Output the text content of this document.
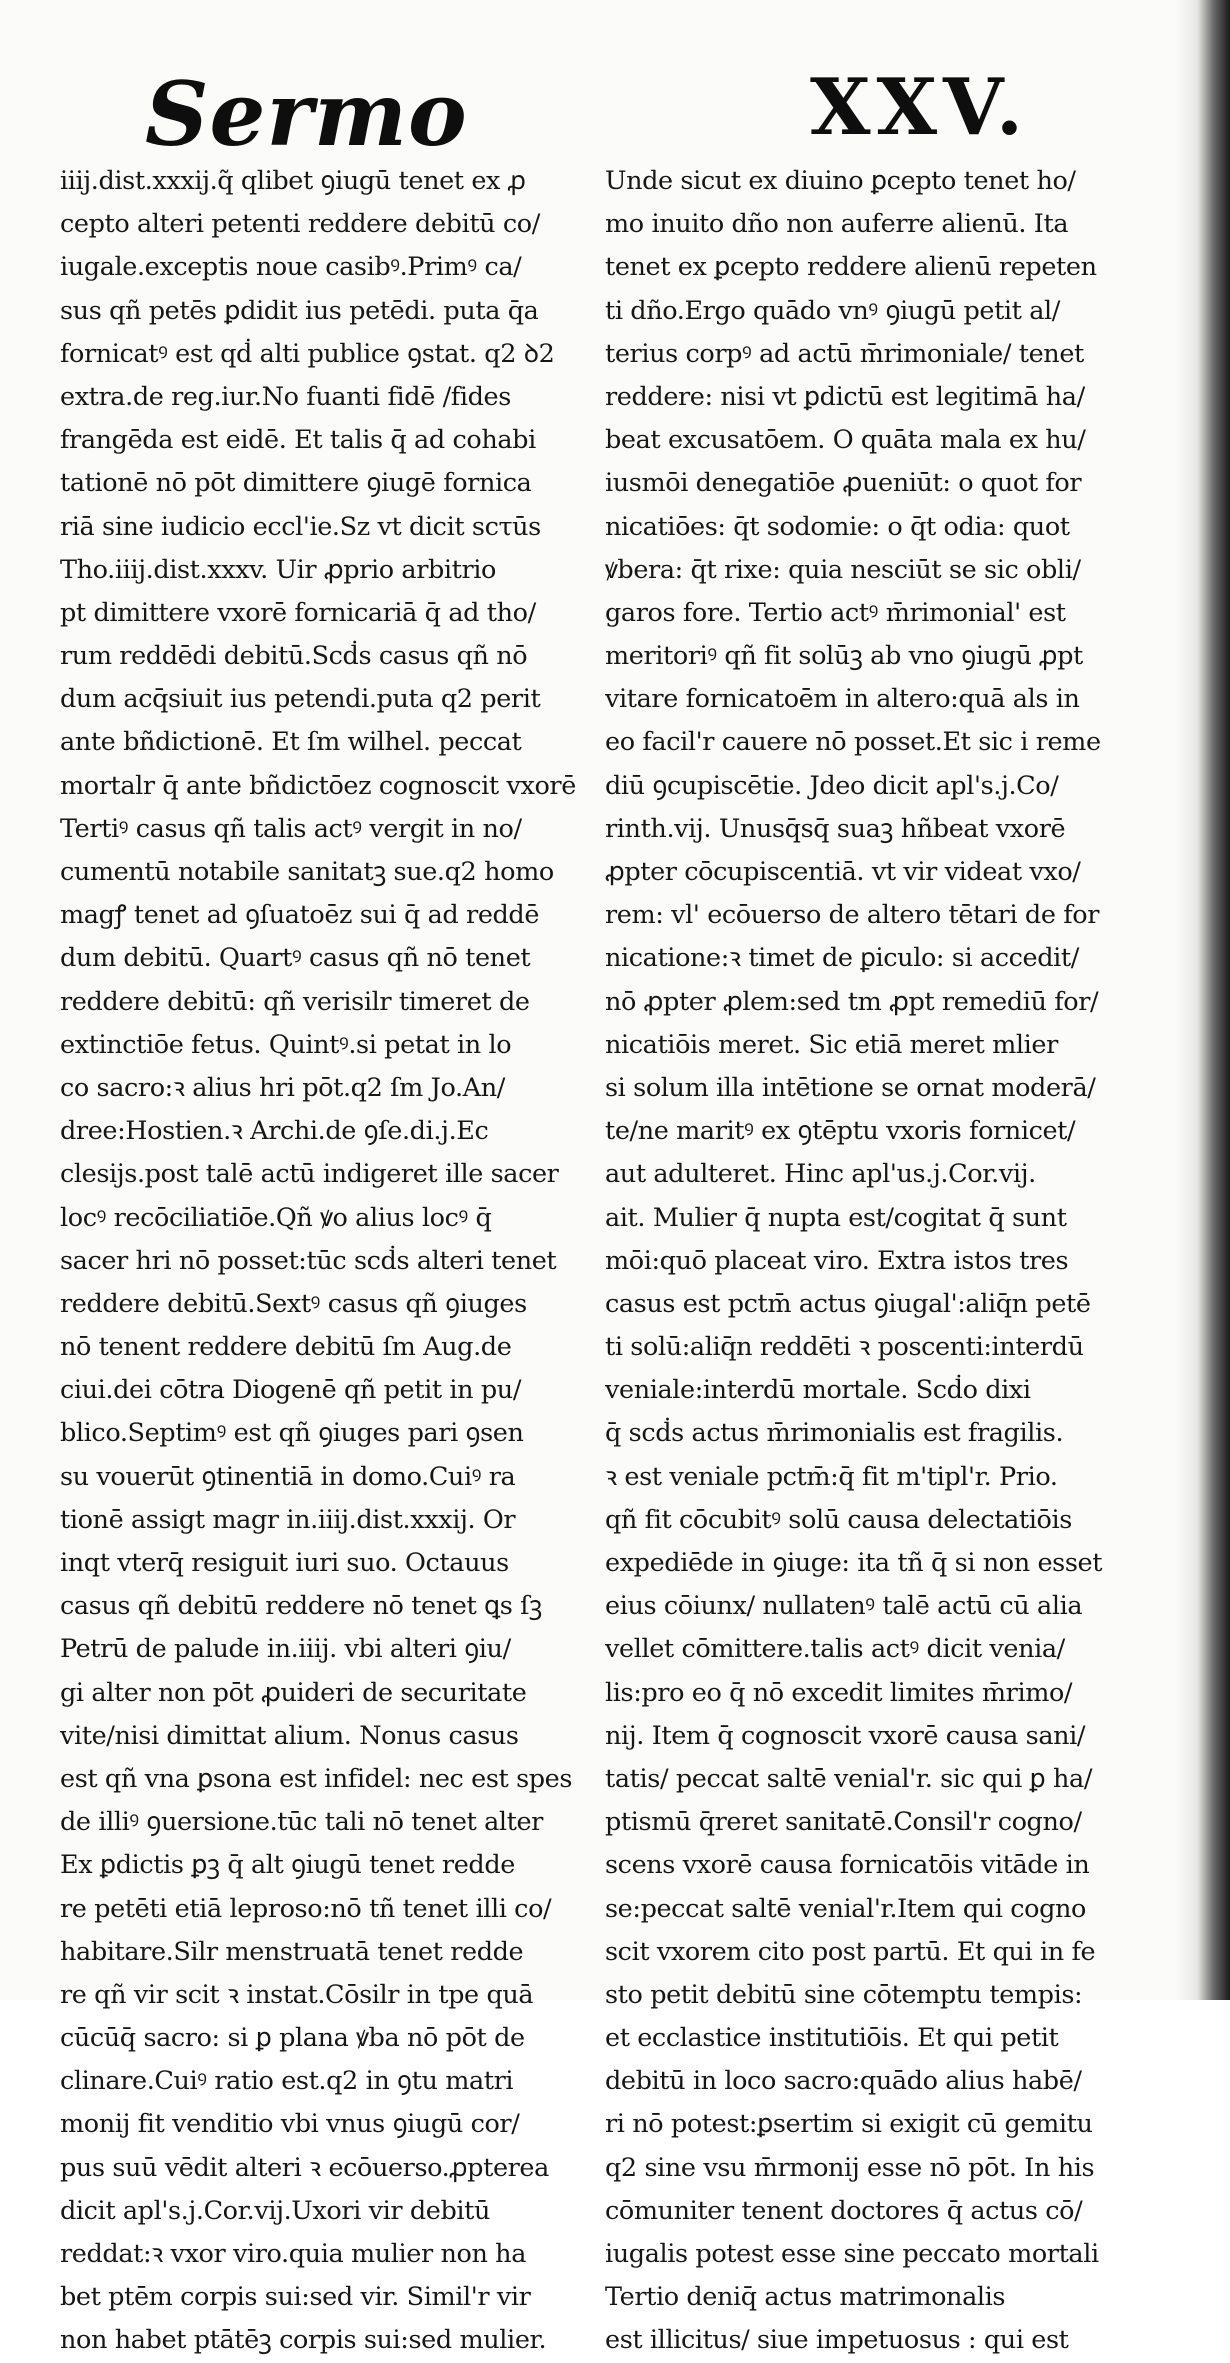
Sermo	XXV.
iiij.dist.xxxij.q̃ qlibet ꝯiugū tenet ex ꝓ
cepto alteri petenti reddere debitū co/
iugale.exceptis noue casibꝰ.Primꝰ ca/
sus qñ petēs ꝑdidit ius petēdi. puta q̄a
fornicatꝰ est qḋ alti publice ꝯstat. q2 ꝺ2
extra.de reg.iur.No fuanti fidē /fides
frangēda est eidē. Et talis q̄ ad cohabi
tationē nō pōt dimittere ꝯiugē fornica
riā sine iudicio eccl'ie.Sz vt dicit scτūs
Tho.iiij.dist.xxxv. Uir ꝓprio arbitrio
pt dimittere vxorē fornicariā q̄ ad tho/
rum reddēdi debitū.Scḋs casus qñ nō
dum acq̄siuit ius petendi.puta q2 perit
ante bñdictionē. Et ſm wilhel. peccat
mortalr q̄ ante bñdictōez cognoscit vxorē
Tertiꝰ casus qñ talis actꝰ vergit in no/
cumentū notabile sanitatꝫ sue.q2 homo
magꝭ tenet ad ꝯſuatoēz sui q̄ ad reddē
dum debitū. Quartꝰ casus qñ nō tenet
reddere debitū: qñ verisilr timeret de
extinctiōe fetus. Quintꝰ.si petat in lo
co sacro:ꝛ alius hri pōt.q2 ſm Jo.An/
dree:Hostien.ꝛ Archi.de ꝯſe.di.j.Ec
clesijs.post talē actū indigeret ille sacer
locꝰ recōciliatiōe.Qñ ꝟo alius locꝰ q̄
sacer hri nō posset:tūc scḋs alteri tenet
reddere debitū.Sextꝰ casus qñ ꝯiuges
nō tenent reddere debitū ſm Aug.de
ciui.dei cōtra Diogenē qñ petit in pu/
blico.Septimꝰ est qñ ꝯiuges pari ꝯsen
su vouerūt ꝯtinentiā in domo.Cuiꝰ ra
tionē assigt magr in.iiij.dist.xxxij. Or
inqt vterq̄ resiguit iuri suo. Octauus
casus qñ debitū reddere nō tenet ꝗs ſꝫ
Petrū de palude in.iiij. vbi alteri ꝯiu/
gi alter non pōt ꝓuideri de securitate
vite/nisi dimittat alium. Nonus casus
est qñ vna ꝑsona est infidel: nec est spes
de illiꝰ ꝯuersione.tūc tali nō tenet alter
Ex ꝑdictis ꝑꝫ q̄ alt ꝯiugū tenet redde
re petēti etiā leproso:nō tñ tenet illi co/
habitare.Silr menstruatā tenet redde
re qñ vir scit ꝛ instat.Cōsilr in tpe quā
cūcūq̄ sacro: si ꝑ plana ꝟba nō pōt de
clinare.Cuiꝰ ratio est.q2 in ꝯtu matri
monij fit venditio vbi vnus ꝯiugū cor/
pus suū vēdit alteri ꝛ ecōuerso.ꝓpterea
dicit apl's.j.Cor.vij.Uxori vir debitū
reddat:ꝛ vxor viro.quia mulier non ha
bet ptēm corpis sui:sed vir. Simil'r vir
non habet ptātēꝫ corpis sui:sed mulier.
Unde sicut ex diuino ꝑcepto tenet ho/
mo inuito dño non auferre alienū. Ita
tenet ex ꝑcepto reddere alienū repeten
ti dño.Ergo quādo vnꝰ ꝯiugū petit al/
terius corpꝰ ad actū m̄rimoniale/ tenet
reddere: nisi vt ꝑdictū est legitimā ha/
beat excusatōem. O quāta mala ex hu/
iusmōi denegatiōe ꝓueniūt: o quot for
nicatiōes: q̄t sodomie: o q̄t odia: quot
ꝟbera: q̄t rixe: quia nesciūt se sic obli/
garos fore. Tertio actꝰ m̄rimonial' est
meritoriꝰ qñ fit solūꝫ ab vno ꝯiugū ꝓpt
vitare fornicatoēm in altero:quā als in
eo facil'r cauere nō posset.Et sic i reme
diū ꝯcupiscētie. Jdeo dicit apl's.j.Co/
rinth.vij. Unusq̄sq̄ suaꝫ hñbeat vxorē
ꝓpter cōcupiscentiā. vt vir videat vxo/
rem: vl' ecōuerso de altero tētari de for
nicatione:ꝛ timet de ꝑiculo: si accedit/
nō ꝓpter ꝓlem:sed tm ꝓpt remediū for/
nicatiōis meret. Sic etiā meret mlier
si solum illa intētione se ornat moderā/
te/ne maritꝰ ex ꝯtēptu vxoris fornicet/
aut adulteret. Hinc apl'us.j.Cor.vij.
ait. Mulier q̄ nupta est/cogitat q̄ sunt
mōi:quō placeat viro. Extra istos tres
casus est pctm̄ actus ꝯiugal':aliq̄n petē
ti solū:aliq̄n reddēti ꝛ poscenti:interdū
veniale:interdū mortale. Scḋo dixi
q̄ scḋs actus m̄rimonialis est fragilis.
ꝛ est veniale pctm̄:q̄ fit m'tipl'r. Prio.
qñ fit cōcubitꝰ solū causa delectatiōis
expediēde in ꝯiuge: ita tñ q̄ si non esset
eius cōiunx/ nullatenꝰ talē actū cū alia
vellet cōmittere.talis actꝰ dicit venia/
lis:pro eo q̄ nō excedit limites m̄rimo/
nij. Item q̄ cognoscit vxorē causa sani/
tatis/ peccat saltē venial'r. sic qui ꝑ ha/
ptismū q̄reret sanitatē.Consil'r cogno/
scens vxorē causa fornicatōis vitāde in
se:peccat saltē venial'r.Item qui cogno
scit vxorem cito post partū. Et qui in fe
sto petit debitū sine cōtemptu tempis:
et ecclastice institutiōis. Et qui petit
debitū in loco sacro:quādo alius habē/
ri nō potest:ꝑsertim si exigit cū gemitu
q2 sine vsu m̄rmonij esse nō pōt. In his
cōmuniter tenent doctores q̄ actus cō/
iugalis potest esse sine peccato mortali
Tertio deniq̄ actus matrimonalis
est illicitus/ siue impetuosus : qui est
